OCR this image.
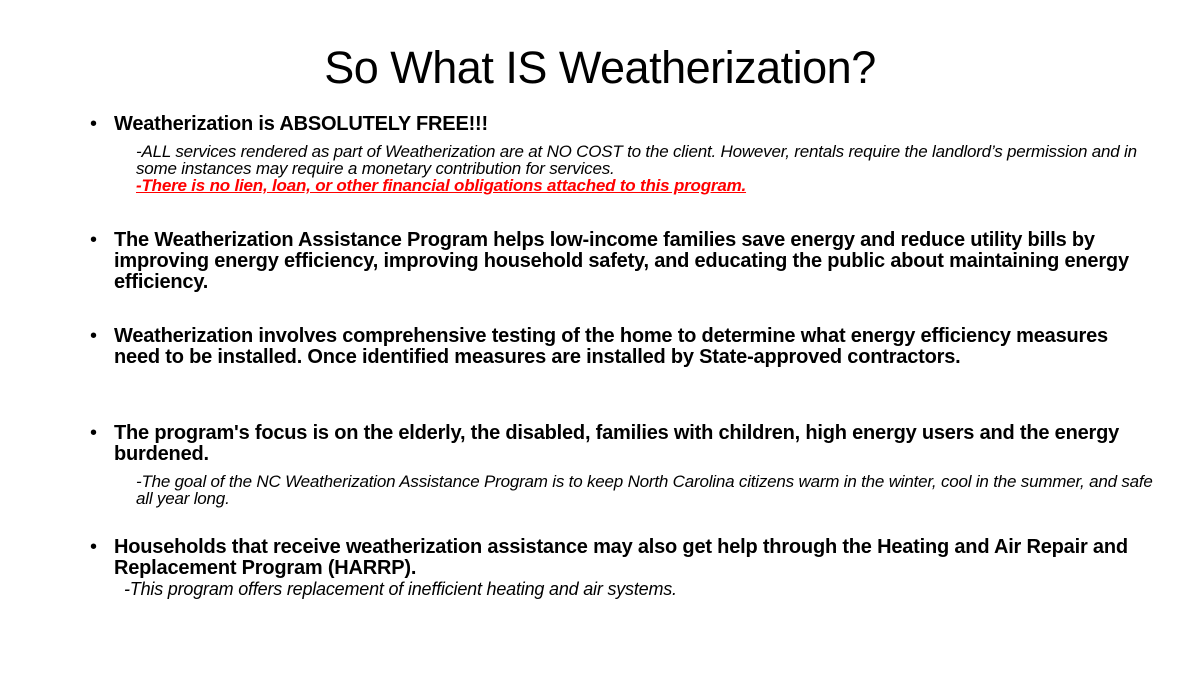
So What IS Weatherization?
• Weatherization is ABSOLUTELY FREE!!!
-ALL services rendered as part of Weatherization are at NO COST to the client. However, rentals require the landlord’s permission and in some instances may require a monetary contribution for services.
-There is no lien, loan, or other financial obligations attached to this program.
• The Weatherization Assistance Program helps low-income families save energy and reduce utility bills by improving energy efficiency, improving household safety, and educating the public about maintaining energy efficiency.
• Weatherization involves comprehensive testing of the home to determine what energy efficiency measures need to be installed. Once identified measures are installed by State-approved contractors.
• The program's focus is on the elderly, the disabled, families with children, high energy users and the energy burdened.
-The goal of the NC Weatherization Assistance Program is to keep North Carolina citizens warm in the winter, cool in the summer, and safe all year long.
• Households that receive weatherization assistance may also get help through the Heating and Air Repair and Replacement Program (HARRP).
-This program offers replacement of inefficient heating and air systems.
